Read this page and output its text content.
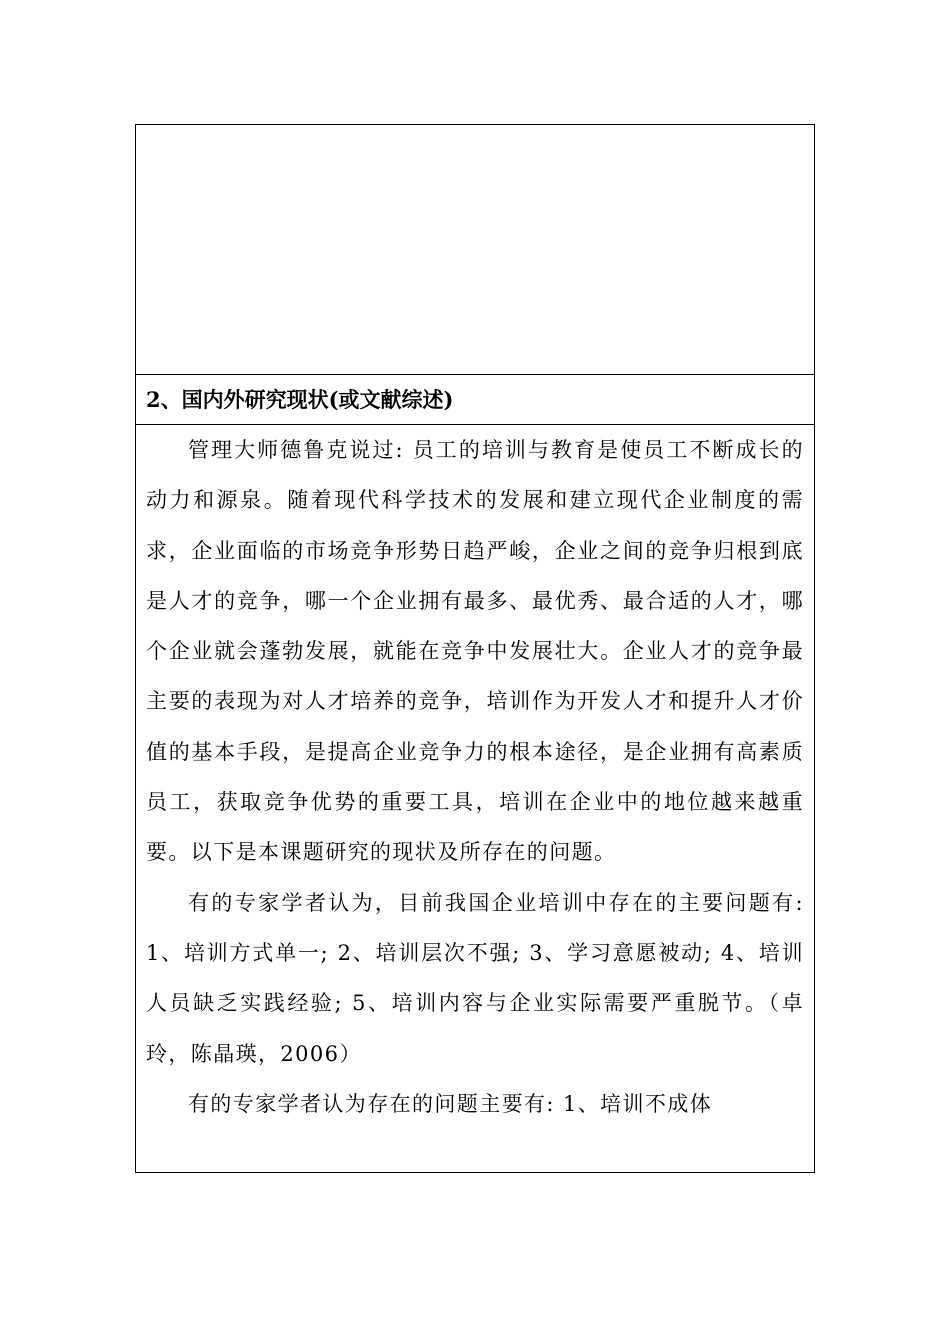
2、国内外研究现状(或文献综述)

管理大师德鲁克说过: 员工的培训与教育是使员工不断成长的动力和源泉。随着现代科学技术的发展和建立现代企业制度的需求，企业面临的市场竞争形势日趋严峻，企业之间的竞争归根到底是人才的竞争，哪一个企业拥有最多、最优秀、最合适的人才，哪个企业就会蓬勃发展，就能在竞争中发展壮大。企业人才的竞争最主要的表现为对人才培养的竞争，培训作为开发人才和提升人才价值的基本手段，是提高企业竞争力的根本途径，是企业拥有高素质员工，获取竞争优势的重要工具，培训在企业中的地位越来越重要。以下是本课题研究的现状及所存在的问题。

有的专家学者认为，目前我国企业培训中存在的主要问题有: 1、培训方式单一; 2、培训层次不强; 3、学习意愿被动; 4、培训人员缺乏实践经验; 5、培训内容与企业实际需要严重脱节。（卓玲，陈晶瑛，2006）

有的专家学者认为存在的问题主要有: 1、培训不成体
